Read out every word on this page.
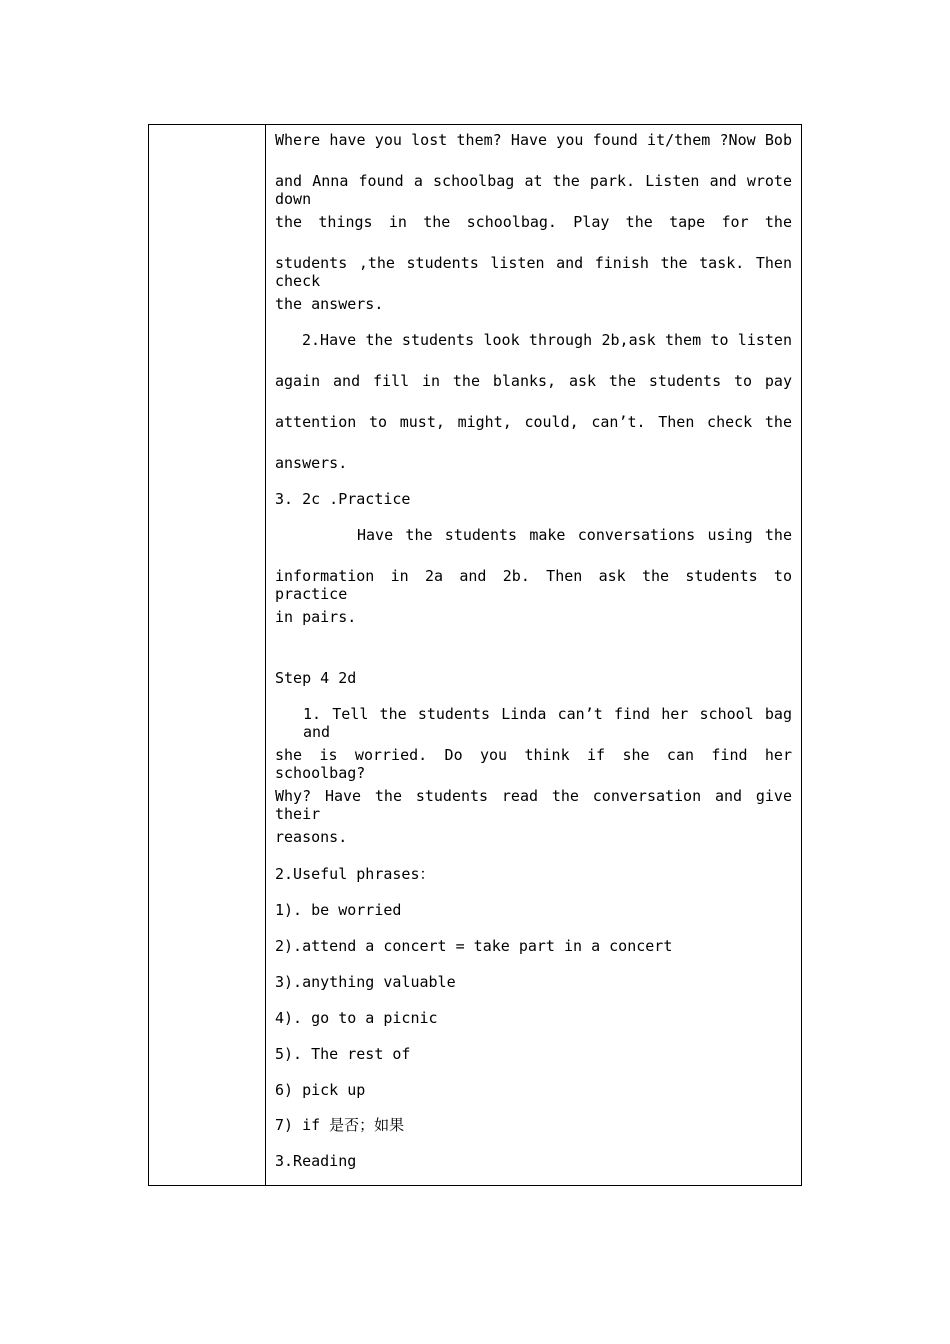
Where have you lost them? Have you found it/them ?Now Bob

and Anna found a schoolbag at the park. Listen and wrote down

the things in the schoolbag. Play the tape for the

students ,the students listen and finish the task. Then check

the answers.

2.Have the students look through 2b,ask them to listen

again and fill in the blanks, ask the students to pay

attention to must, might, could, can’t. Then check the

answers.

3. 2c .Practice

Have the students make conversations using the

information in 2a and 2b. Then ask the students to practice

in pairs.

Step 4 2d

1. Tell the students Linda can’t find her school bag and

she is worried. Do you think if she can find her schoolbag?

Why? Have the students read the conversation and give their

reasons.

2.Useful phrases：

1). be worried

2).attend a concert = take part in a concert

3).anything valuable

4). go to a picnic

5). The rest of

6) pick up

7) if 是否；如果

3.Reading
